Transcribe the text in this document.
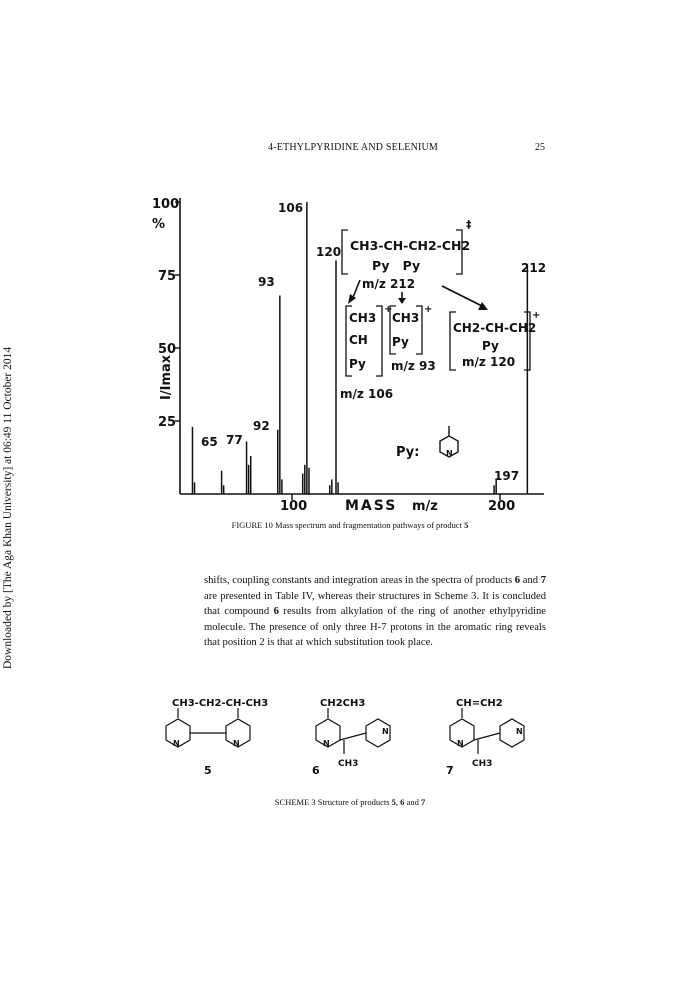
Downloaded by [The Aga Khan University] at 06:49 11 October 2014
4-ETHYLPYRIDINE AND SELENIUM	25
100
%
75
50
25
I/Imax
100	200
MASS m/z
106
120
93
65 77
92
212
197
‡
CH3-CH-CH2-CH2
Py   Py
m/z 212
+
CH3
CH
Py
+
CH3
Py
m/z 93
m/z 106
+
CH2-CH-CH2
Py
m/z 120
Py:	N
FIGURE 10 Mass spectrum and fragmentation pathways of product 5
shifts, coupling constants and integration areas in the spectra of products 6 and 7 are presented in Table IV, whereas their structures in Scheme 3. It is concluded that compound 6 results from alkylation of the ring of another ethylpyridine molecule. The presence of only three H-7 protons in the aromatic ring reveals that position 2 is that at which substitution took place.
CH3-CH2-CH-CH3
N	N
5
CH2CH3
N
N
CH3
6
CH=CH2
N
N
CH3
7
SCHEME 3 Structure of products 5, 6 and 7
